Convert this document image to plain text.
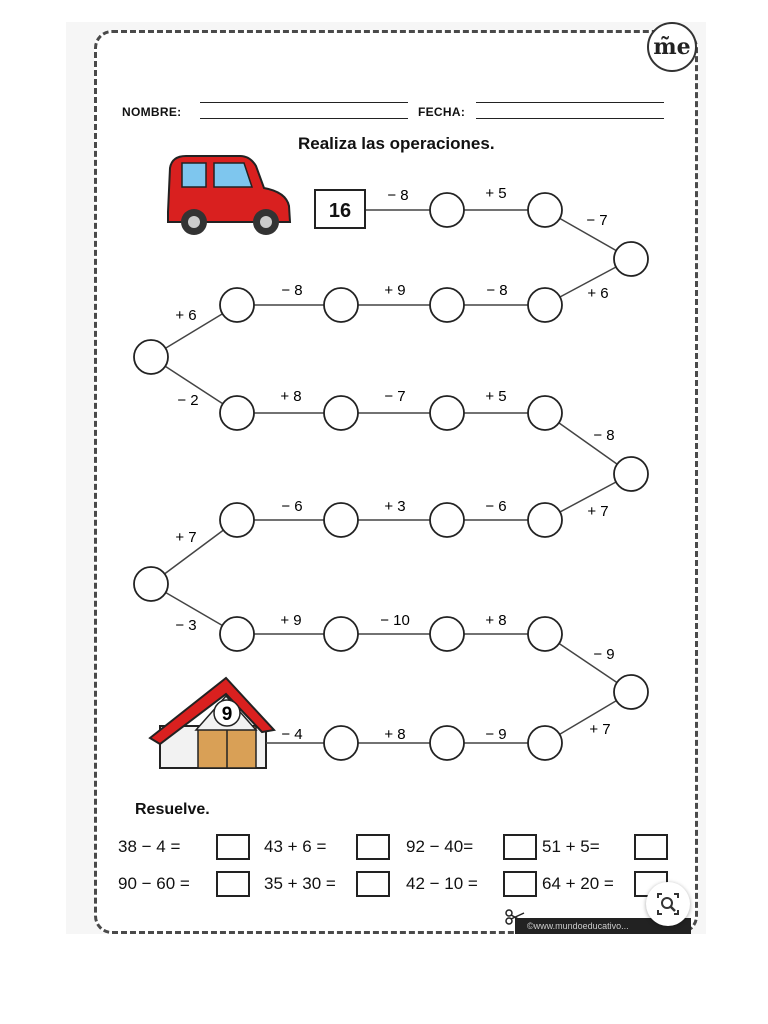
m̃e
NOMBRE:	FECHA:
Realiza las operaciones.
− 8	+ 5
− 7
+ 6
− 8
+ 9
− 8
+ 6
− 2	+ 8	− 7	+ 5
− 8
+ 7
− 6
+ 3
− 6
+ 7
− 3	+ 9	− 10	+ 8
− 9
+ 7
− 9
+ 8
− 4
9
16
Resuelve.
38 − 4 =	43 + 6 =	92 − 40=	51 + 5=
90 − 60 =	35 + 30 =	42 − 10 =	64 + 20 =
©www.mundoeducativo...
